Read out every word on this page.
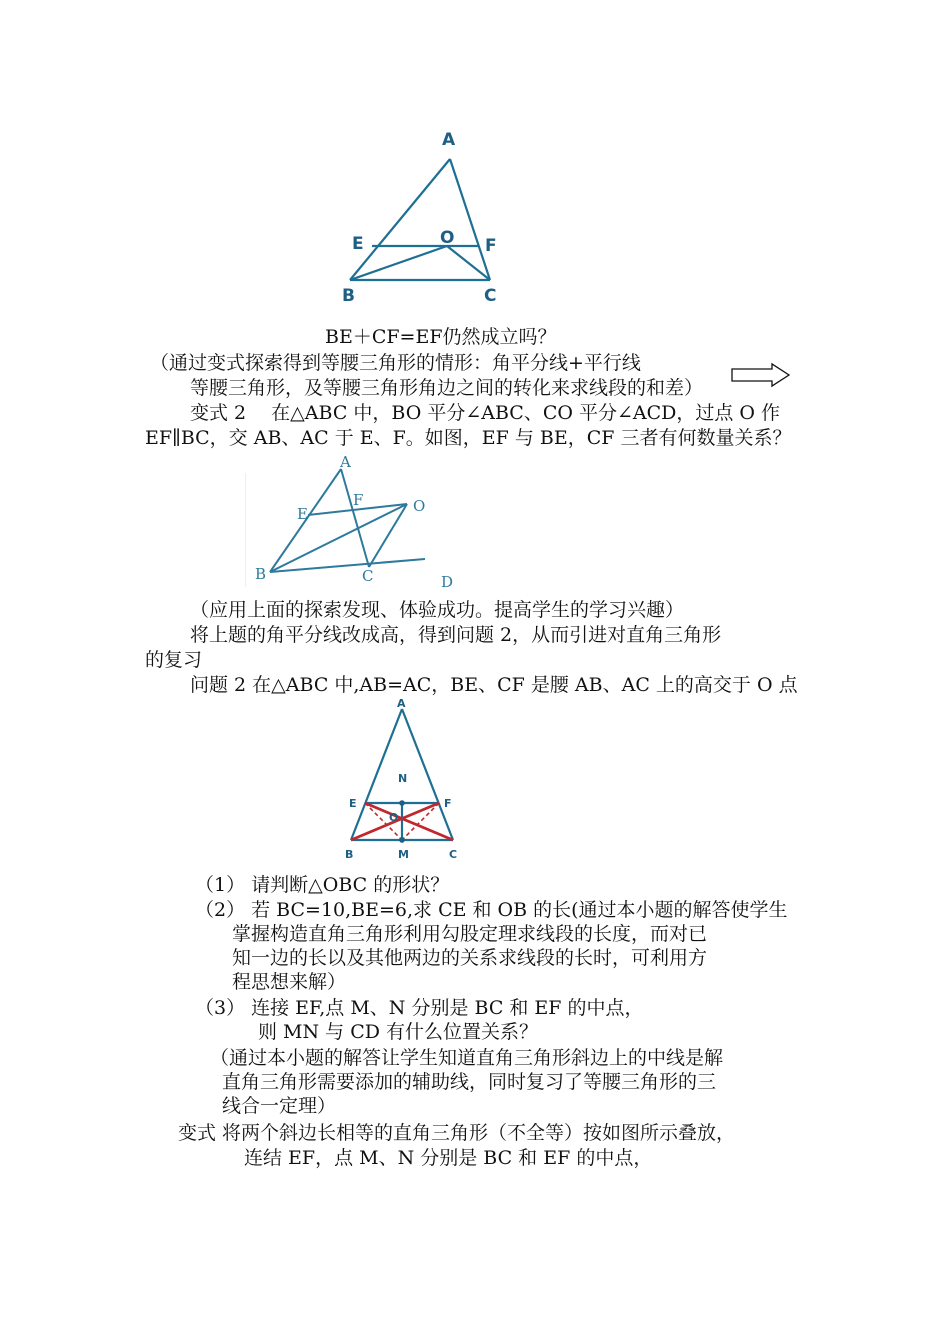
A
E	O F
B	C
BE＋CF=EF仍然成立吗？
（通过变式探索得到等腰三角形的情形：角平分线+平行线
等腰三角形，及等腰三角形角边之间的转化来求线段的和差）
变式 2　 在△ABC 中，BO 平分∠ABC、CO 平分∠ACD，过点 O 作
EF∥BC，交 AB、AC 于 E、F。如图，EF 与 BE，CF 三者有何数量关系？
A
E
F	O
B	C	D
（应用上面的探索发现、体验成功。提高学生的学习兴趣）
将上题的角平分线改成高，得到问题 2，从而引进对直角三角形
的复习
问题 2 在△ABC 中,AB=AC，BE、CF 是腰 AB、AC 上的高交于 O 点
A
N
E	F
O
B	M	C
（1） 请判断△OBC 的形状？
（2） 若 BC=10,BE=6,求 CE 和 OB 的长(通过本小题的解答使学生
掌握构造直角三角形利用勾股定理求线段的长度，而对已
知一边的长以及其他两边的关系求线段的长时，可利用方
程思想来解）
（3） 连接 EF,点 M、N 分别是 BC 和 EF 的中点，
则 MN 与 CD 有什么位置关系？
（通过本小题的解答让学生知道直角三角形斜边上的中线是解
直角三角形需要添加的辅助线，同时复习了等腰三角形的三
线合一定理）
变式 将两个斜边长相等的直角三角形（不全等）按如图所示叠放，
连结 EF，点 M、N 分别是 BC 和 EF 的中点，
